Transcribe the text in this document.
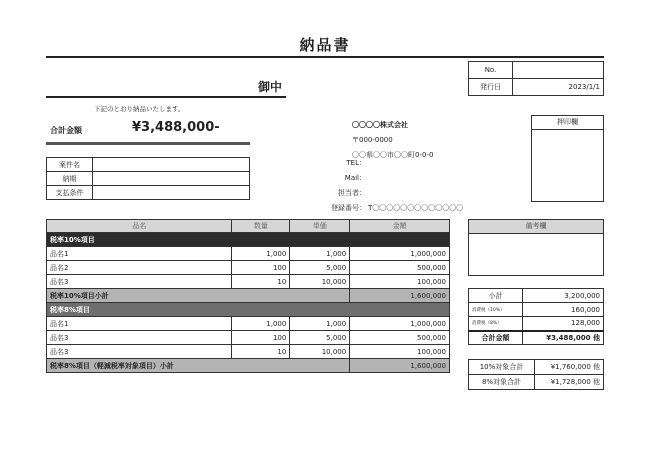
納品書
No.	
発行日	2023/1/1
御中
下記のとおり納品いたします。
合計金額	¥3,488,000-
案件名	
納期	
支払条件	
〇〇〇〇株式会社
〒000-0000
〇〇県〇〇市〇〇町0-0-0
TEL：
Mail：
担当者：
登録番号： T〇〇〇〇〇〇〇〇〇〇〇〇〇
押印欄
品名	数量	単価	金額
税率10%項目			
品名1	1,000	1,000	1,000,000
品名2	100	5,000	500,000
品名3	10	10,000	100,000
税率10%項目小計			1,600,000
税率8%項目			
品名1	1,000	1,000	1,000,000
品名3	100	5,000	500,000
品名3	10	10,000	100,000
税率8%項目（軽減税率対象項目）小計			1,600,000
備考欄
小計	3,200,000
消費税（10%）	160,000
消費税（8%）	128,000
合計金額	¥3,488,000 他
10%対象合計	¥1,760,000 他
8%対象合計	¥1,728,000 他
